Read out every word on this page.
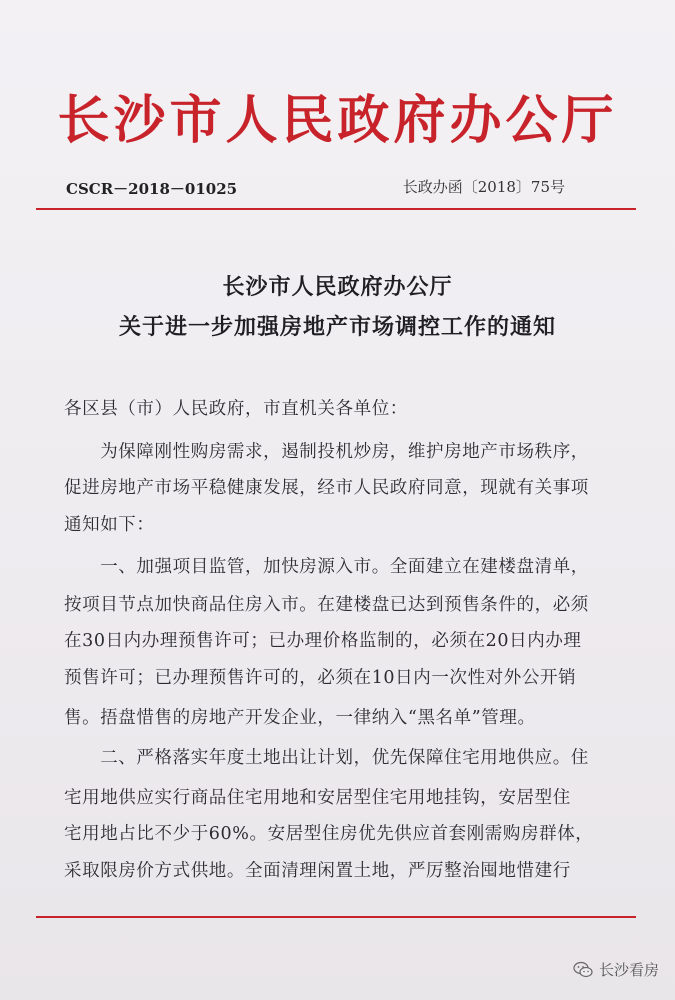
长沙市人民政府办公厅
CSCR－2018－01025	长政办函〔2018〕75号
长沙市人民政府办公厅
关于进一步加强房地产市场调控工作的通知
各区县（市）人民政府，市直机关各单位：
　　为保障刚性购房需求，遏制投机炒房，维护房地产市场秩序，
促进房地产市场平稳健康发展，经市人民政府同意，现就有关事项
通知如下：
　　一、加强项目监管，加快房源入市。全面建立在建楼盘清单，
按项目节点加快商品住房入市。在建楼盘已达到预售条件的，必须
在30日内办理预售许可；已办理价格监制的，必须在20日内办理
预售许可；已办理预售许可的，必须在10日内一次性对外公开销
售。捂盘惜售的房地产开发企业，一律纳入“黑名单”管理。
　　二、严格落实年度土地出让计划，优先保障住宅用地供应。住
宅用地供应实行商品住宅用地和安居型住宅用地挂钩，安居型住
宅用地占比不少于60%。安居型住房优先供应首套刚需购房群体，
采取限房价方式供地。全面清理闲置土地，严厉整治囤地惜建行
长沙看房
